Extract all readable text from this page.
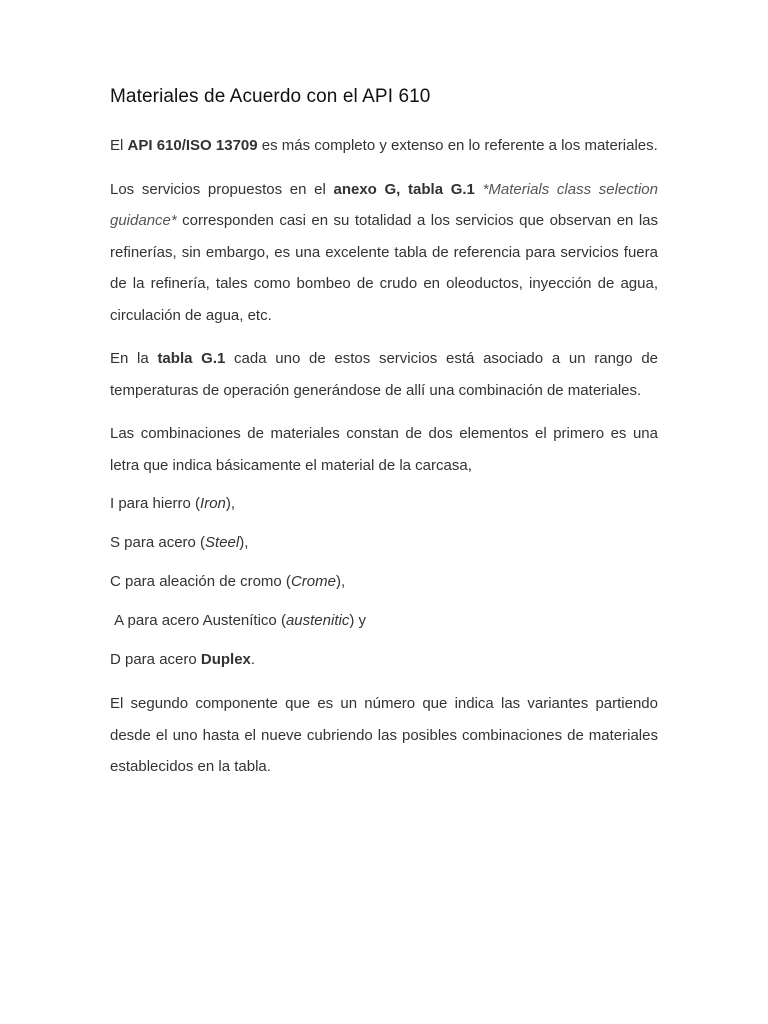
Materiales de Acuerdo con el API 610

El API 610/ISO 13709 es más completo y extenso en lo referente a los materiales.

Los servicios propuestos en el anexo G, tabla G.1 *Materials class selection guidance* corresponden casi en su totalidad a los servicios que observan en las refinerías, sin embargo, es una excelente tabla de referencia para servicios fuera de la refinería, tales como bombeo de crudo en oleoductos, inyección de agua, circulación de agua, etc.

En la tabla G.1 cada uno de estos servicios está asociado a un rango de temperaturas de operación generándose de allí una combinación de materiales.

Las combinaciones de materiales constan de dos elementos el primero es una letra que indica básicamente el material de la carcasa,

I para hierro (Iron),

S para acero (Steel),

C para aleación de cromo (Crome),

A para acero Austenítico (austenitic) y

D para acero Duplex.

El segundo componente que es un número que indica las variantes partiendo desde el uno hasta el nueve cubriendo las posibles combinaciones de materiales establecidos en la tabla.
